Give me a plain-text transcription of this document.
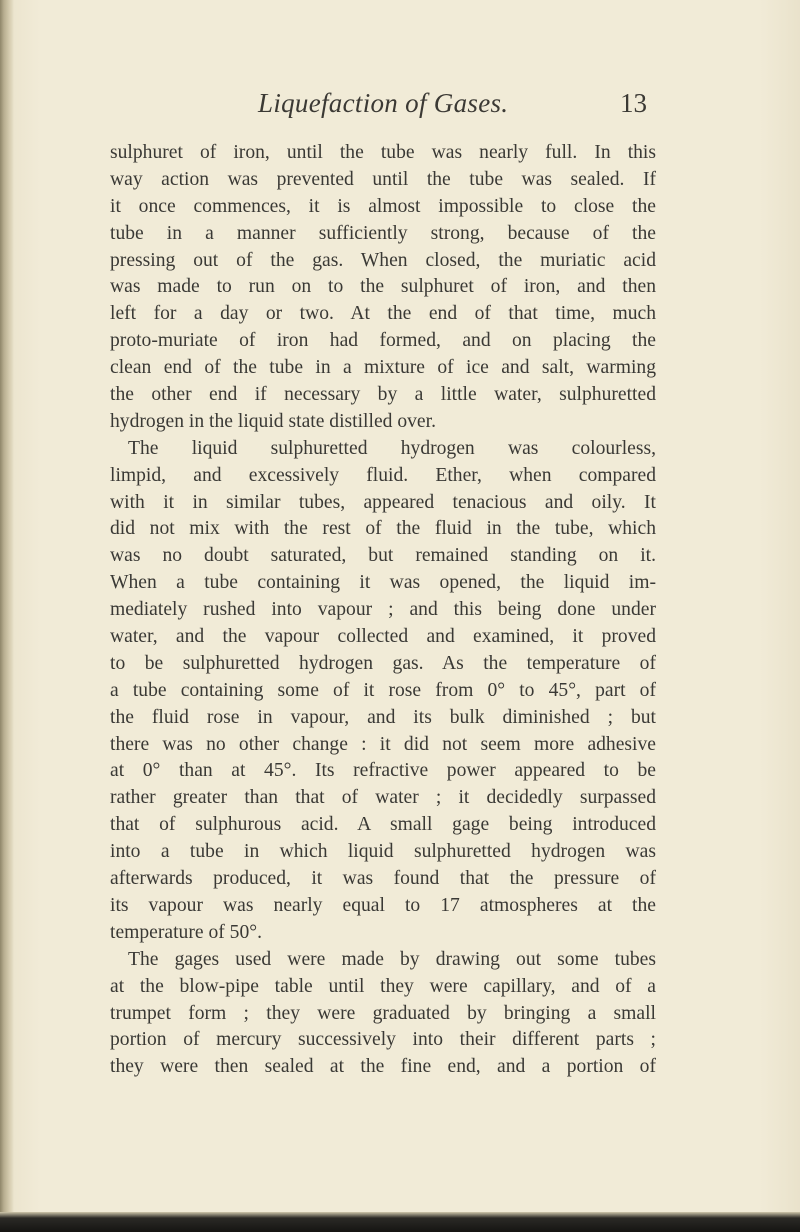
Liquefaction of Gases.	13
sulphuret of iron, until the tube was nearly full. In this
way action was prevented until the tube was sealed. If
it once commences, it is almost impossible to close the
tube in a manner sufficiently strong, because of the
pressing out of the gas. When closed, the muriatic acid
was made to run on to the sulphuret of iron, and then
left for a day or two. At the end of that time, much
proto-muriate of iron had formed, and on placing the
clean end of the tube in a mixture of ice and salt, warming
the other end if necessary by a little water, sulphuretted
hydrogen in the liquid state distilled over.
The liquid sulphuretted hydrogen was colourless,
limpid, and excessively fluid. Ether, when compared
with it in similar tubes, appeared tenacious and oily. It
did not mix with the rest of the fluid in the tube, which
was no doubt saturated, but remained standing on it.
When a tube containing it was opened, the liquid im-
mediately rushed into vapour ; and this being done under
water, and the vapour collected and examined, it proved
to be sulphuretted hydrogen gas. As the temperature of
a tube containing some of it rose from 0° to 45°, part of
the fluid rose in vapour, and its bulk diminished ; but
there was no other change : it did not seem more adhesive
at 0° than at 45°. Its refractive power appeared to be
rather greater than that of water ; it decidedly surpassed
that of sulphurous acid. A small gage being introduced
into a tube in which liquid sulphuretted hydrogen was
afterwards produced, it was found that the pressure of
its vapour was nearly equal to 17 atmospheres at the
temperature of 50°.
The gages used were made by drawing out some tubes
at the blow-pipe table until they were capillary, and of a
trumpet form ; they were graduated by bringing a small
portion of mercury successively into their different parts ;
they were then sealed at the fine end, and a portion of
